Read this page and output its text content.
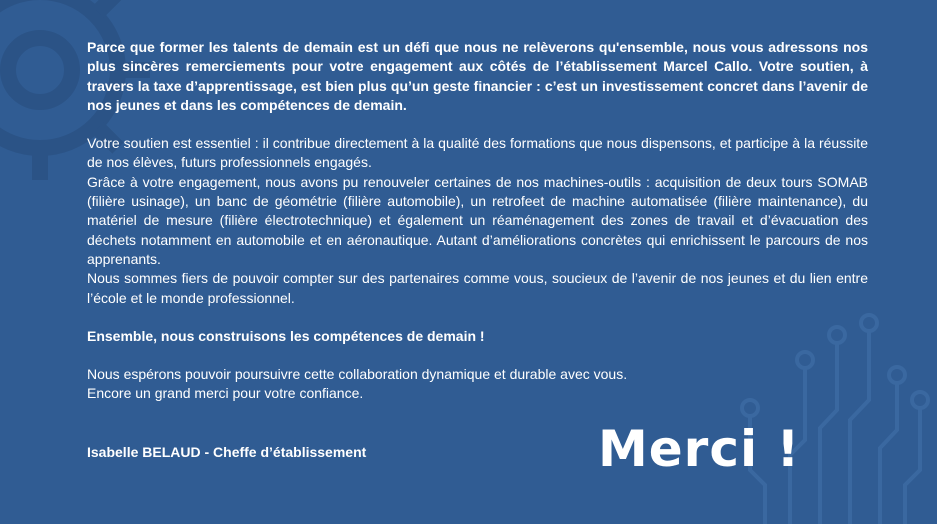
Parce que former les talents de demain est un défi que nous ne relèverons qu'ensemble, nous vous adressons nos plus sincères remerciements pour votre engagement aux côtés de l’établissement Marcel Callo. Votre soutien, à travers la taxe d’apprentissage, est bien plus qu’un geste financier : c’est un investissement concret dans l’avenir de nos jeunes et dans les compétences de demain.

Votre soutien est essentiel : il contribue directement à la qualité des formations que nous dispensons, et participe à la réussite de nos élèves, futurs professionnels engagés.

Grâce à votre engagement, nous avons pu renouveler certaines de nos machines-outils : acquisition de deux tours SOMAB (filière usinage), un banc de géométrie (filière automobile), un retrofeet de machine automatisée (filière maintenance), du matériel de mesure (filière électrotechnique) et également un réaménagement des zones de travail et d’évacuation des déchets notamment en automobile et en aéronautique. Autant d’améliorations concrètes qui enrichissent le parcours de nos apprenants.

Nous sommes fiers de pouvoir compter sur des partenaires comme vous, soucieux de l’avenir de nos jeunes et du lien entre l’école et le monde professionnel.

Ensemble, nous construisons les compétences de demain !

Nous espérons pouvoir poursuivre cette collaboration dynamique et durable avec vous.

Encore un grand merci pour votre confiance.

Isabelle BELAUD - Cheffe d’établissement	Merci !
